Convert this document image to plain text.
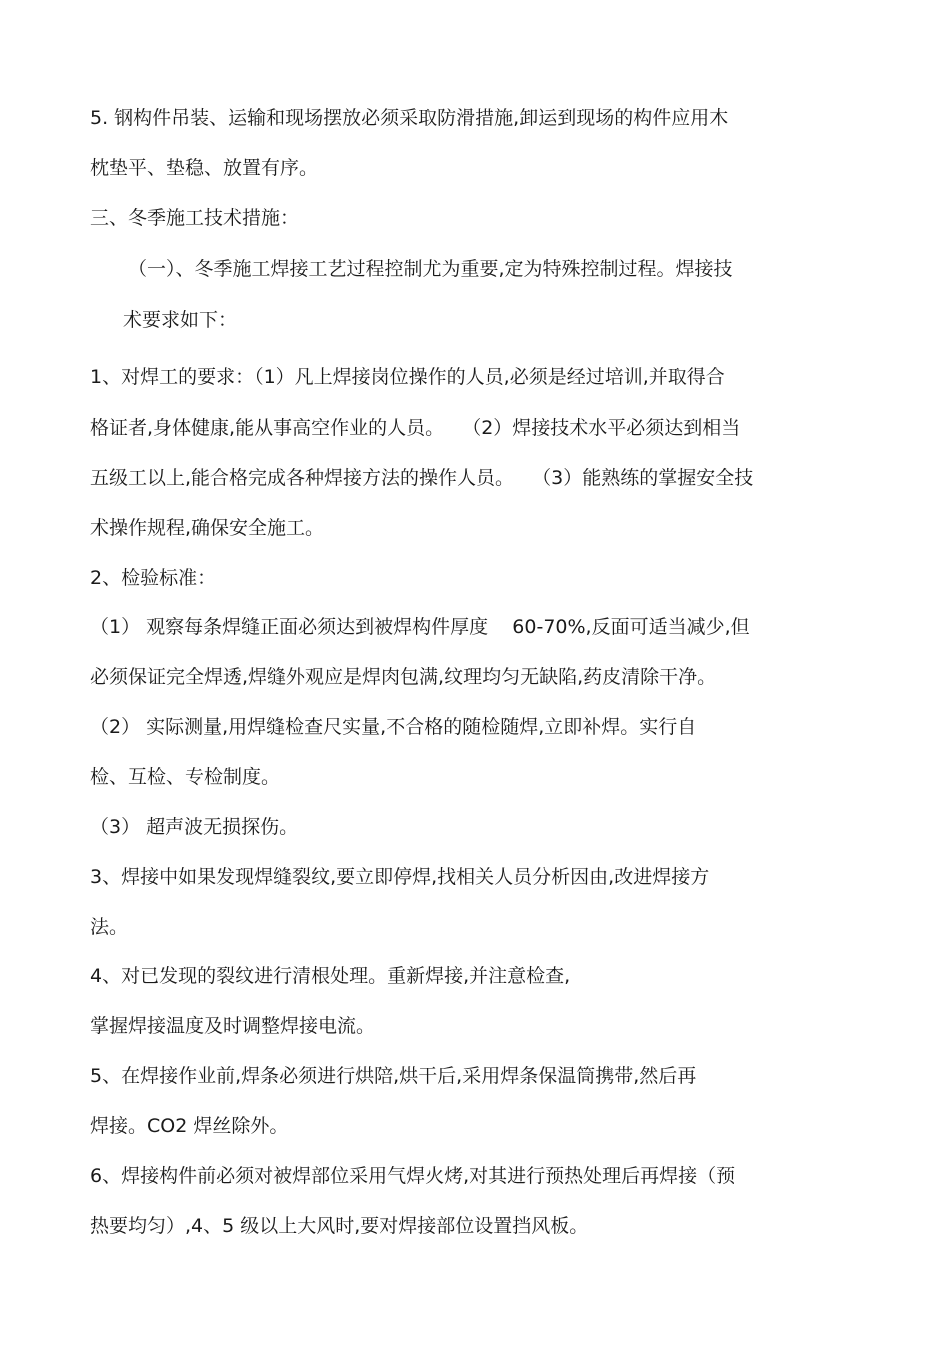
5. 钢构件吊装、运输和现场摆放必须采取防滑措施,卸运到现场的构件应用木
枕垫平、垫稳、放置有序。
三、冬季施工技术措施：
（一）、冬季施工焊接工艺过程控制尤为重要,定为特殊控制过程。焊接技
术要求如下：
1、对焊工的要求：（1）凡上焊接岗位操作的人员,必须是经过培训,并取得合
格证者,身体健康,能从事高空作业的人员。   （2）焊接技术水平必须达到相当
五级工以上,能合格完成各种焊接方法的操作人员。   （3）能熟练的掌握安全技
术操作规程,确保安全施工。
2、检验标准：
（1） 观察每条焊缝正面必须达到被焊构件厚度    60-70%,反面可适当减少,但
必须保证完全焊透,焊缝外观应是焊肉包满,纹理均匀无缺陷,药皮清除干净。
（2） 实际测量,用焊缝检查尺实量,不合格的随检随焊,立即补焊。实行自
检、互检、专检制度。
（3） 超声波无损探伤。
3、焊接中如果发现焊缝裂纹,要立即停焊,找相关人员分析因由,改进焊接方
法。
4、对已发现的裂纹进行清根处理。重新焊接,并注意检查,
掌握焊接温度及时调整焊接电流。
5、在焊接作业前,焊条必须进行烘陪,烘干后,采用焊条保温筒携带,然后再
焊接。CO2 焊丝除外。
6、焊接构件前必须对被焊部位采用气焊火烤,对其进行预热处理后再焊接（预
热要均匀）,4、5 级以上大风时,要对焊接部位设置挡风板。
